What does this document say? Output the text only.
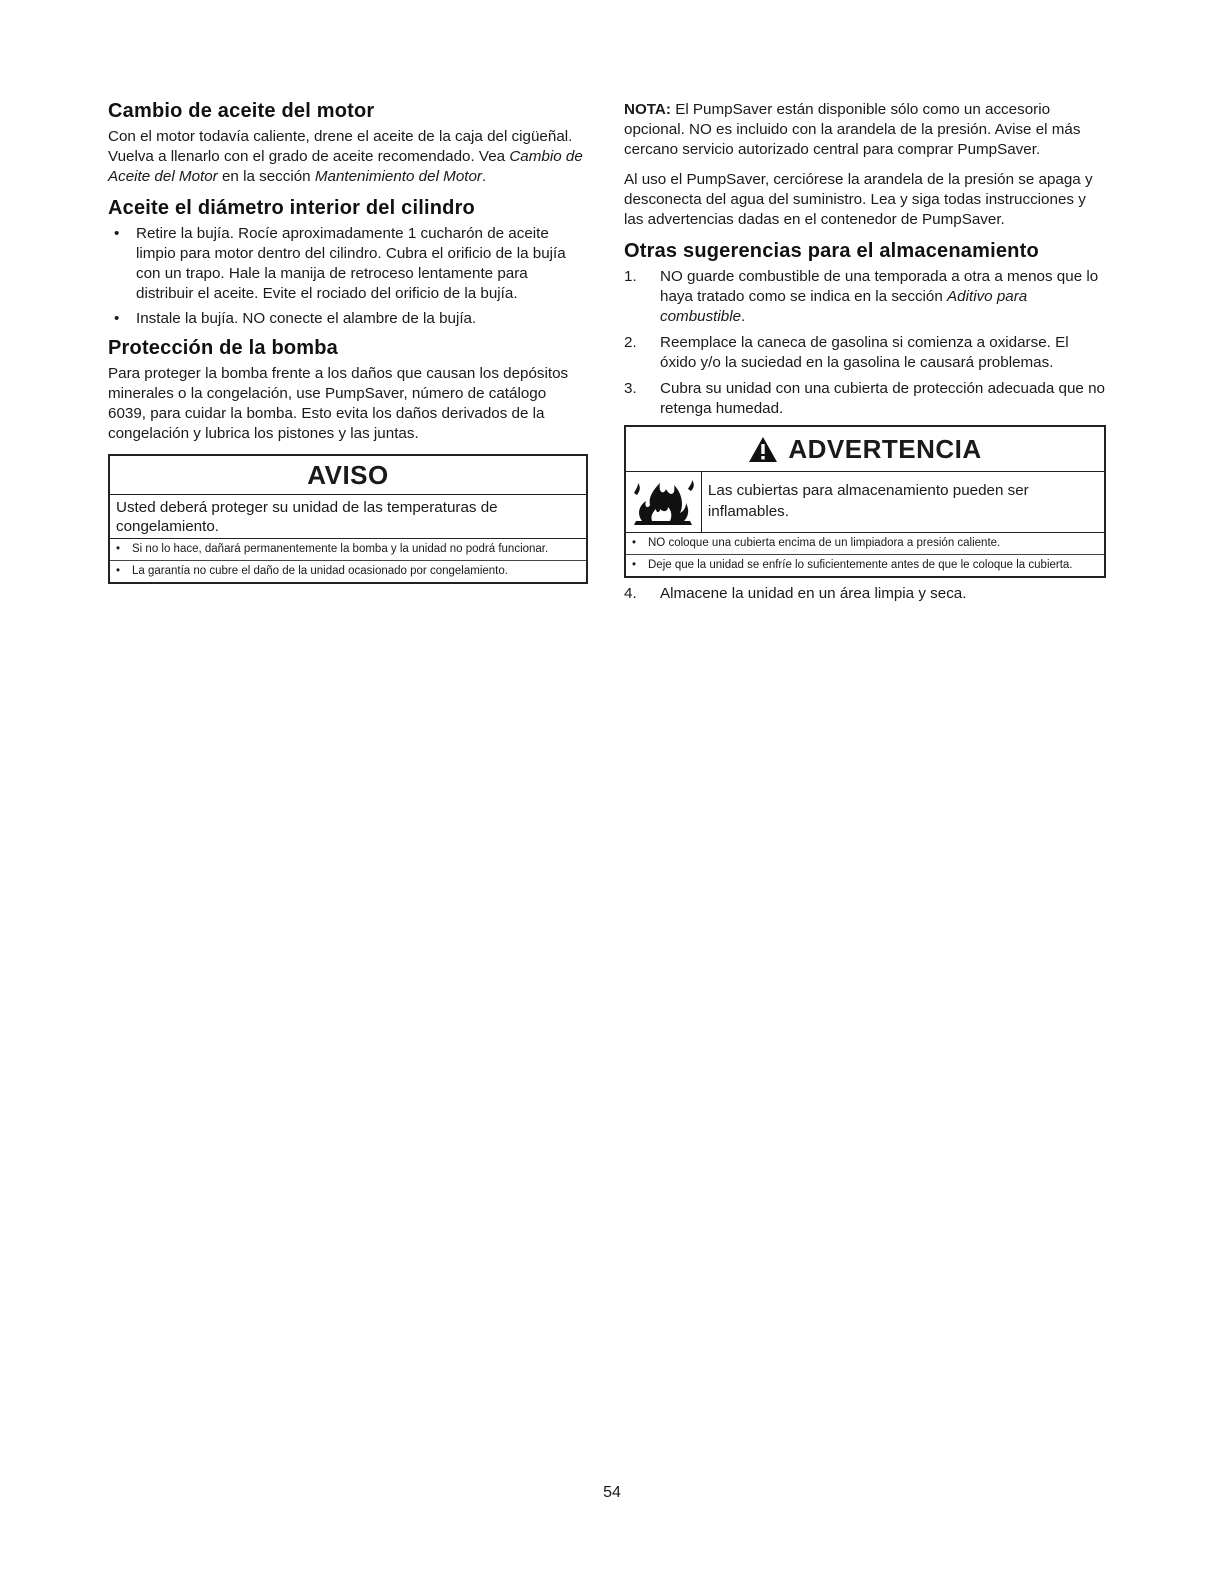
Cambio de aceite del motor

Con el motor todavía caliente, drene el aceite de la caja del cigüeñal. Vuelva a llenarlo con el grado de aceite recomendado. Vea Cambio de Aceite del Motor en la sección Mantenimiento del Motor.

Aceite el diámetro interior del cilindro
• Retire la bujía. Rocíe aproximadamente 1 cucharón de aceite limpio para motor dentro del cilindro. Cubra el orificio de la bujía con un trapo. Hale la manija de retroceso lentamente para distribuir el aceite. Evite el rociado del orificio de la bujía.
• Instale la bujía. NO conecte el alambre de la bujía.
Protección de la bomba

Para proteger la bomba frente a los daños que causan los depósitos minerales o la congelación, use PumpSaver, número de catálogo 6039, para cuidar la bomba. Esto evita los daños derivados de la congelación y lubrica los pistones y las juntas.

AVISO
Usted deberá proteger su unidad de las temperaturas de congelamiento.
• Si no lo hace, dañará permanentemente la bomba y la unidad no podrá funcionar.
• La garantía no cubre el daño de la unidad ocasionado por congelamiento.

NOTA: El PumpSaver están disponible sólo como un accesorio opcional. NO es incluido con la arandela de la presión. Avise el más cercano servicio autorizado central para comprar PumpSaver.

Al uso el PumpSaver, cerciórese la arandela de la presión se apaga y desconecta del agua del suministro. Lea y siga todas instrucciones y las advertencias dadas en el contenedor de PumpSaver.

Otras sugerencias para el almacenamiento
1. NO guarde combustible de una temporada a otra a menos que lo haya tratado como se indica en la sección Aditivo para combustible.
2. Reemplace la caneca de gasolina si comienza a oxidarse. El óxido y/o la suciedad en la gasolina le causará problemas.
3. Cubra su unidad con una cubierta de protección adecuada que no retenga humedad.
ADVERTENCIA
Las cubiertas para almacenamiento pueden ser inflamables.
• NO coloque una cubierta encima de un limpiadora a presión caliente.
• Deje que la unidad se enfríe lo suficientemente antes de que le coloque la cubierta.
4. Almacene la unidad en un área limpia y seca.
54
